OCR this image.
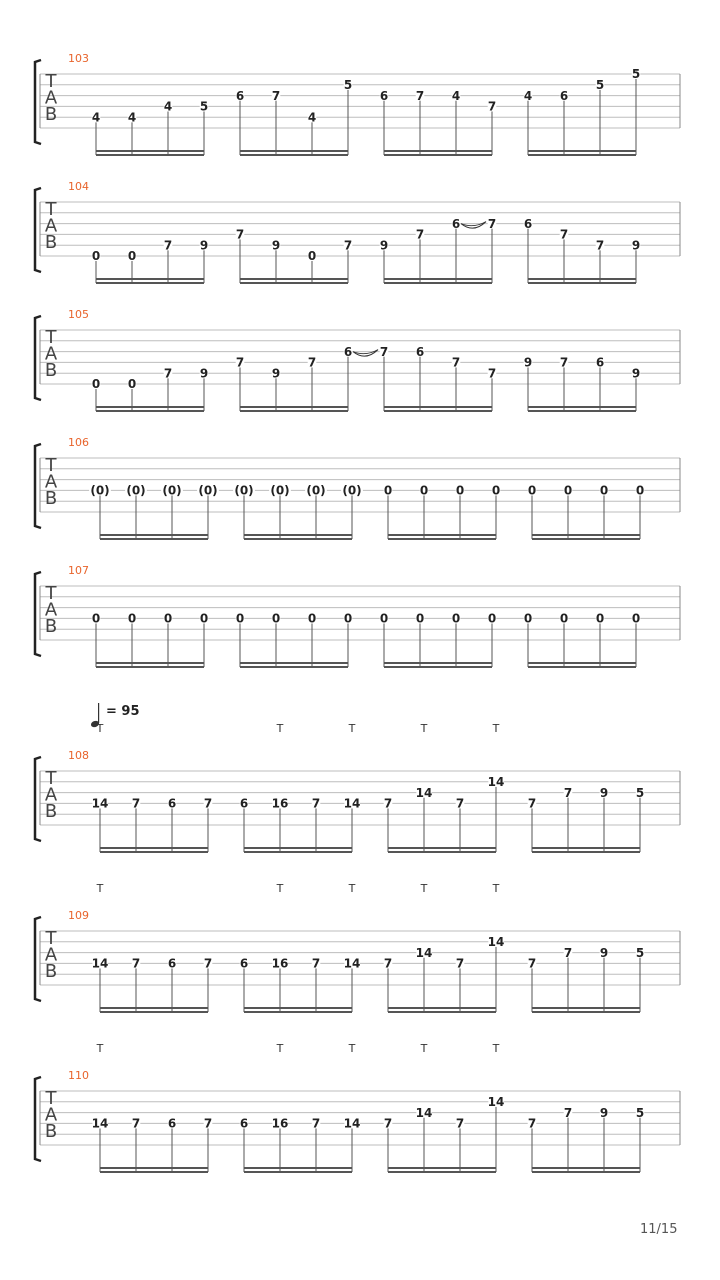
= 95
103
T
A
B	4 4
4 5
6 7
4
5
6 7 4
7
4 6
5
5
104
T
A
B
0 0
7 9
7
9
0
7 9
7
6 7 6
7
7 9
105
T
A
B
0 0
7 9
7
9
7
6 7 6
7
7
9 7 6
9
106
T
A
B	(0) (0) (0) (0) (0) (0) (0) (0) 0 0 0 0 0 0 0 0
107
T
A
B	0 0 0 0 0 0 0 0 0 0 0 0 0 0 0 0
108
T
A
B
T	T	T	T	T
14 7 6 7 6 16 7 14 7
14
7
14
7
7 9 5
109
T
A
B
T	T	T	T	T
14 7 6 7 6 16 7 14 7
14
7
14
7
7 9 5
110
T
A
B
T	T	T	T	T
14 7 6 7 6 16 7 14 7
14
7
14
7
7 9 5
11/15
